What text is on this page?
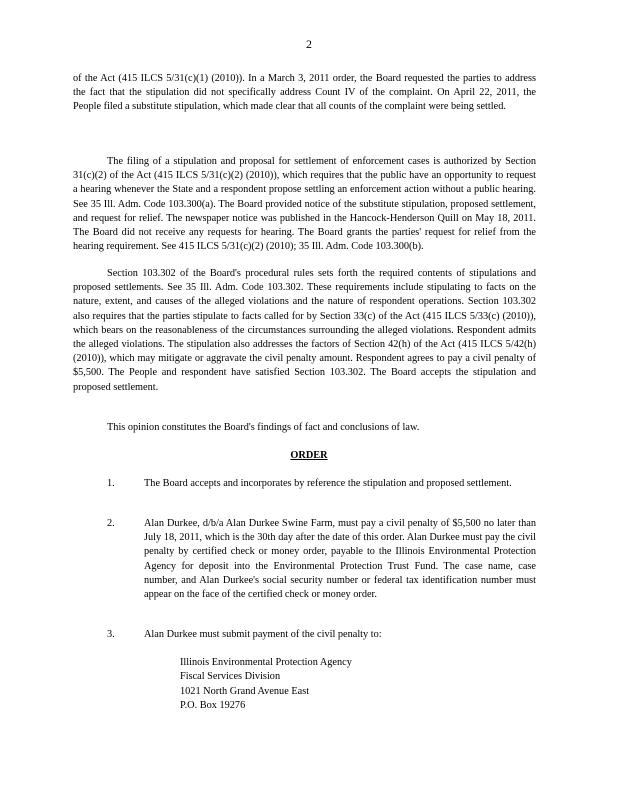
2

of the Act (415 ILCS 5/31(c)(1) (2010)). In a March 3, 2011 order, the Board requested the parties to address the fact that the stipulation did not specifically address Count IV of the complaint. On April 22, 2011, the People filed a substitute stipulation, which made clear that all counts of the complaint were being settled.

The filing of a stipulation and proposal for settlement of enforcement cases is authorized by Section 31(c)(2) of the Act (415 ILCS 5/31(c)(2) (2010)), which requires that the public have an opportunity to request a hearing whenever the State and a respondent propose settling an enforcement action without a public hearing. See 35 Ill. Adm. Code 103.300(a). The Board provided notice of the substitute stipulation, proposed settlement, and request for relief. The newspaper notice was published in the Hancock-Henderson Quill on May 18, 2011. The Board did not receive any requests for hearing. The Board grants the parties' request for relief from the hearing requirement. See 415 ILCS 5/31(c)(2) (2010); 35 Ill. Adm. Code 103.300(b).

Section 103.302 of the Board's procedural rules sets forth the required contents of stipulations and proposed settlements. See 35 Ill. Adm. Code 103.302. These requirements include stipulating to facts on the nature, extent, and causes of the alleged violations and the nature of respondent operations. Section 103.302 also requires that the parties stipulate to facts called for by Section 33(c) of the Act (415 ILCS 5/33(c) (2010)), which bears on the reasonableness of the circumstances surrounding the alleged violations. Respondent admits the alleged violations. The stipulation also addresses the factors of Section 42(h) of the Act (415 ILCS 5/42(h) (2010)), which may mitigate or aggravate the civil penalty amount. Respondent agrees to pay a civil penalty of $5,500. The People and respondent have satisfied Section 103.302. The Board accepts the stipulation and proposed settlement.

This opinion constitutes the Board's findings of fact and conclusions of law.

ORDER
1.	The Board accepts and incorporates by reference the stipulation and proposed settlement.

2.	Alan Durkee, d/b/a Alan Durkee Swine Farm, must pay a civil penalty of $5,500 no later than July 18, 2011, which is the 30th day after the date of this order. Alan Durkee must pay the civil penalty by certified check or money order, payable to the Illinois Environmental Protection Agency for deposit into the Environmental Protection Trust Fund. The case name, case number, and Alan Durkee's social security number or federal tax identification number must appear on the face of the certified check or money order.

3.	Alan Durkee must submit payment of the civil penalty to:

Illinois Environmental Protection Agency
Fiscal Services Division
1021 North Grand Avenue East
P.O. Box 19276
